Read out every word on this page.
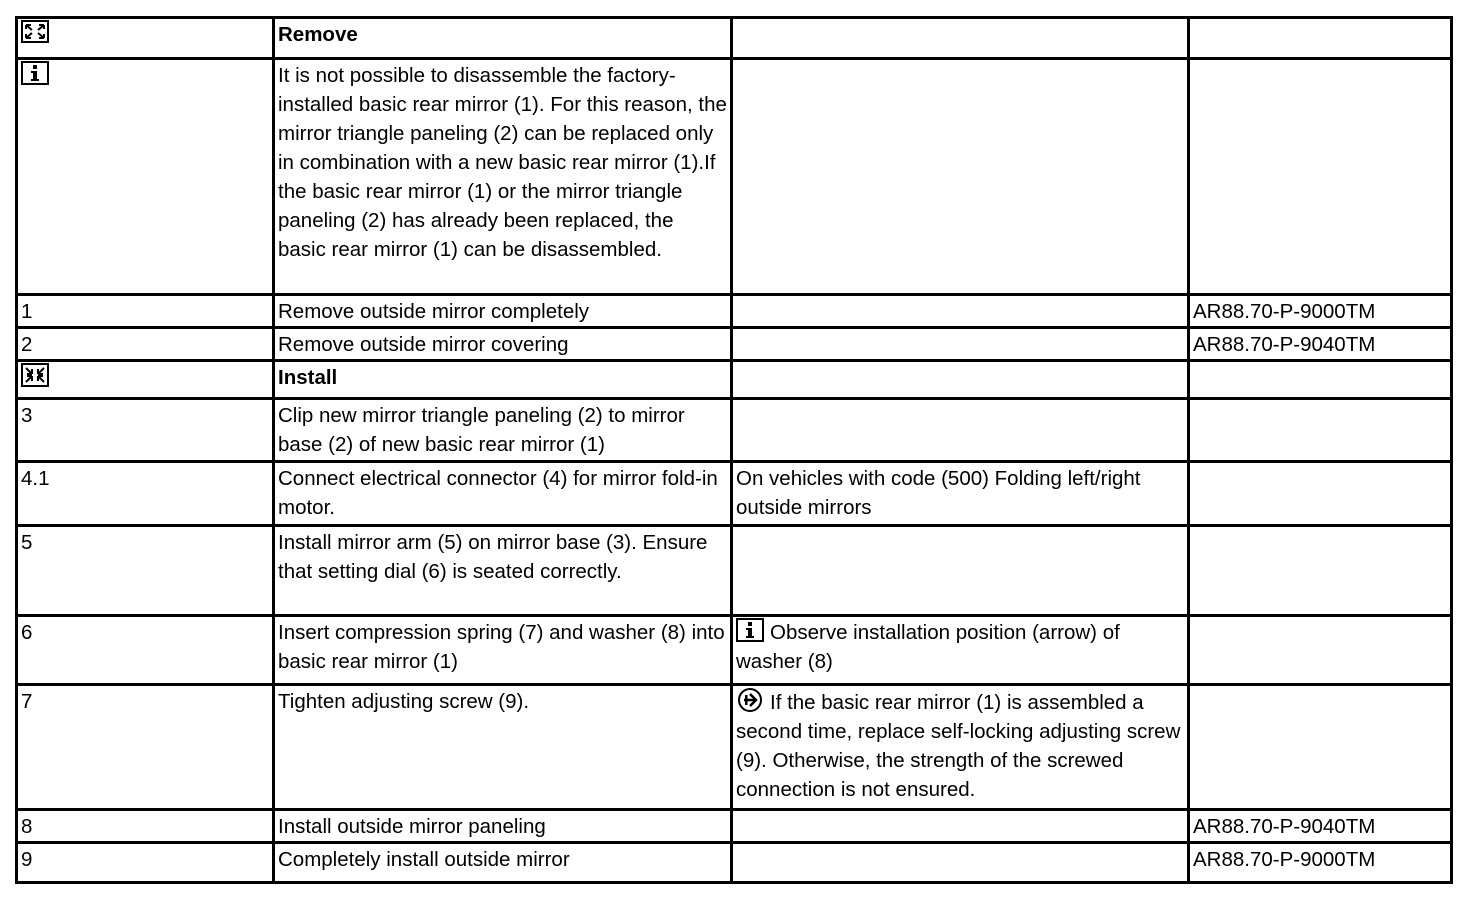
	Remove		

	It is not possible to disassemble the factory-installed basic rear mirror (1). For this reason, the mirror triangle paneling (2) can be replaced only in combination with a new basic rear mirror (1).If the basic rear mirror (1) or the mirror triangle paneling (2) has already been replaced, the basic rear mirror (1) can be disassembled.		
1	Remove outside mirror completely		AR88.70-P-9000TM
2	Remove outside mirror covering		AR88.70-P-9040TM

	Install		
3	Clip new mirror triangle paneling (2) to mirror base (2) of new basic rear mirror (1)		
4.1	Connect electrical connector (4) for mirror fold-in motor.	On vehicles with code (500) Folding left/right outside mirrors	
5	Install mirror arm (5) on mirror base (3). Ensure that setting dial (6) is seated correctly.		
6	Insert compression spring (7) and washer (8) into basic rear mirror (1)	Observe installation position (arrow) of washer (8)	
7	Tighten adjusting screw (9).	If the basic rear mirror (1) is assembled a second time, replace self-locking adjusting screw (9). Otherwise, the strength of the screwed connection is not ensured.	
8	Install outside mirror paneling		AR88.70-P-9040TM
9	Completely install outside mirror		AR88.70-P-9000TM
